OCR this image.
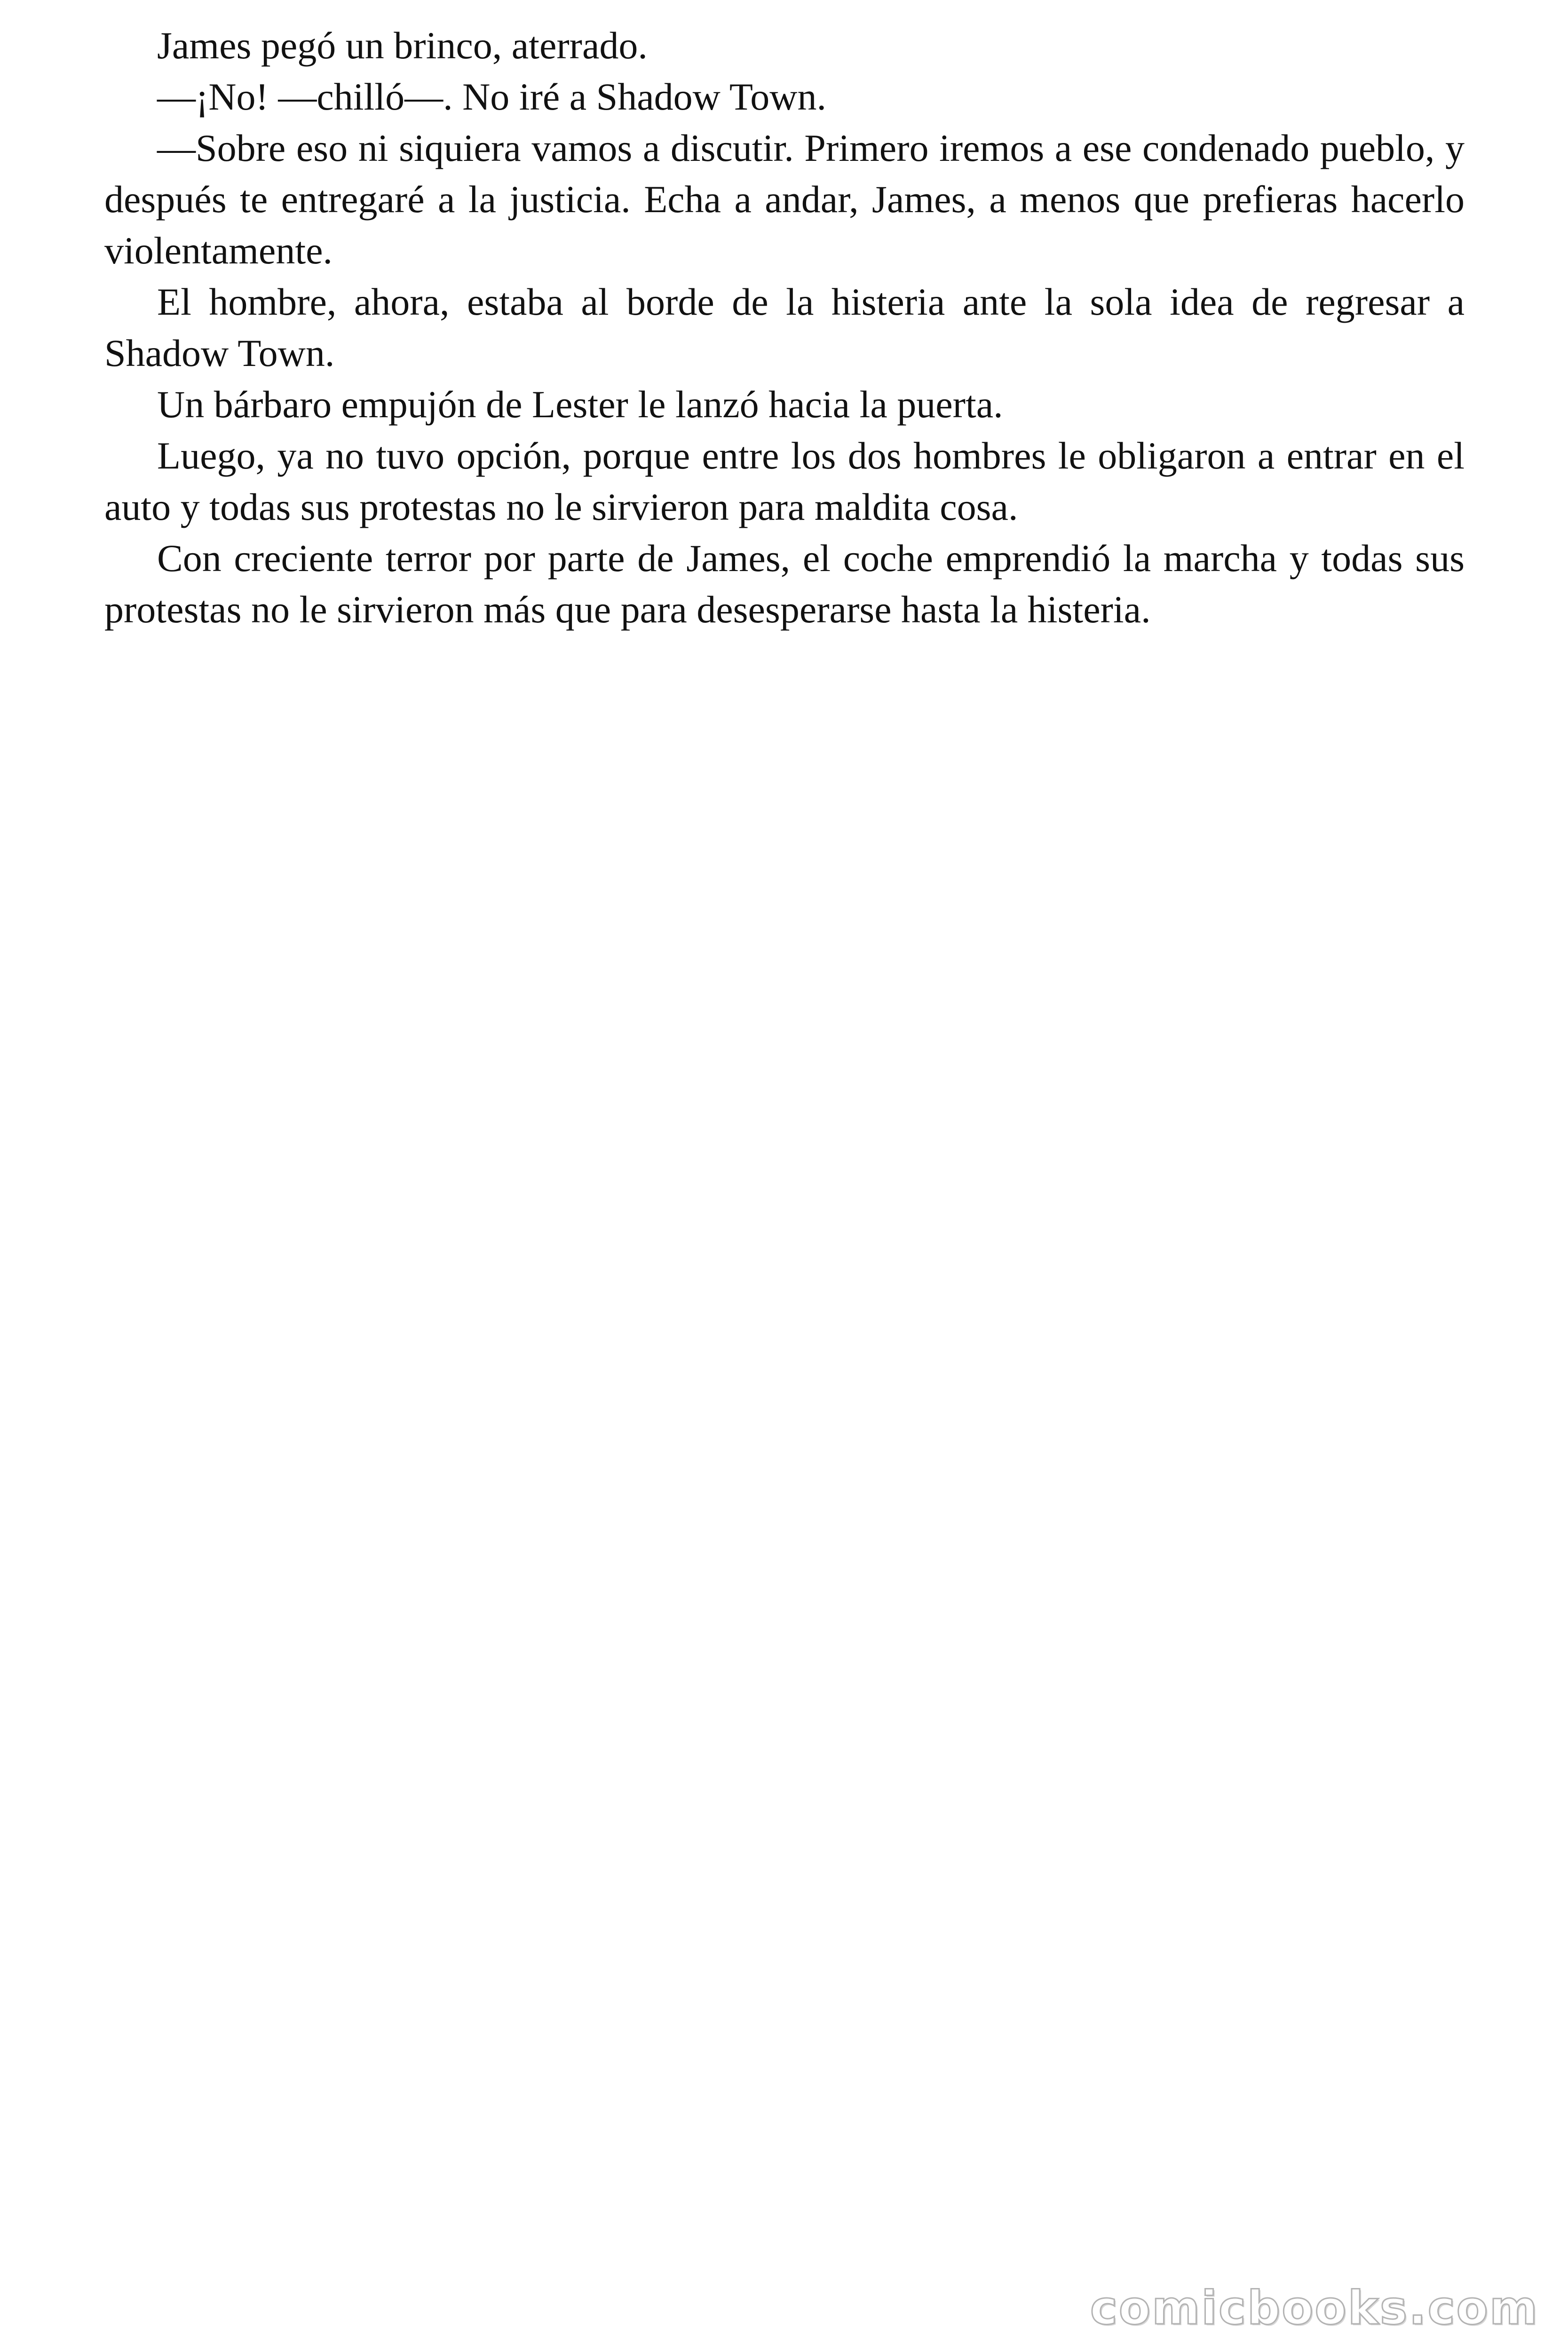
James pegó un brinco, aterrado.

—¡No! —chilló—. No iré a Shadow Town.

—Sobre eso ni siquiera vamos a discutir. Primero iremos a ese condenado pueblo, y después te entregaré a la justicia. Echa a andar, James, a menos que prefieras hacerlo violentamente.

El hombre, ahora, estaba al borde de la histeria ante la sola idea de regresar a Shadow Town.

Un bárbaro empujón de Lester le lanzó hacia la puerta.

Luego, ya no tuvo opción, porque entre los dos hombres le obligaron a entrar en el auto y todas sus protestas no le sirvieron para maldita cosa.

Con creciente terror por parte de James, el coche emprendió la marcha y todas sus protestas no le sirvieron más que para desesperarse hasta la histeria.

comicbooks.com
